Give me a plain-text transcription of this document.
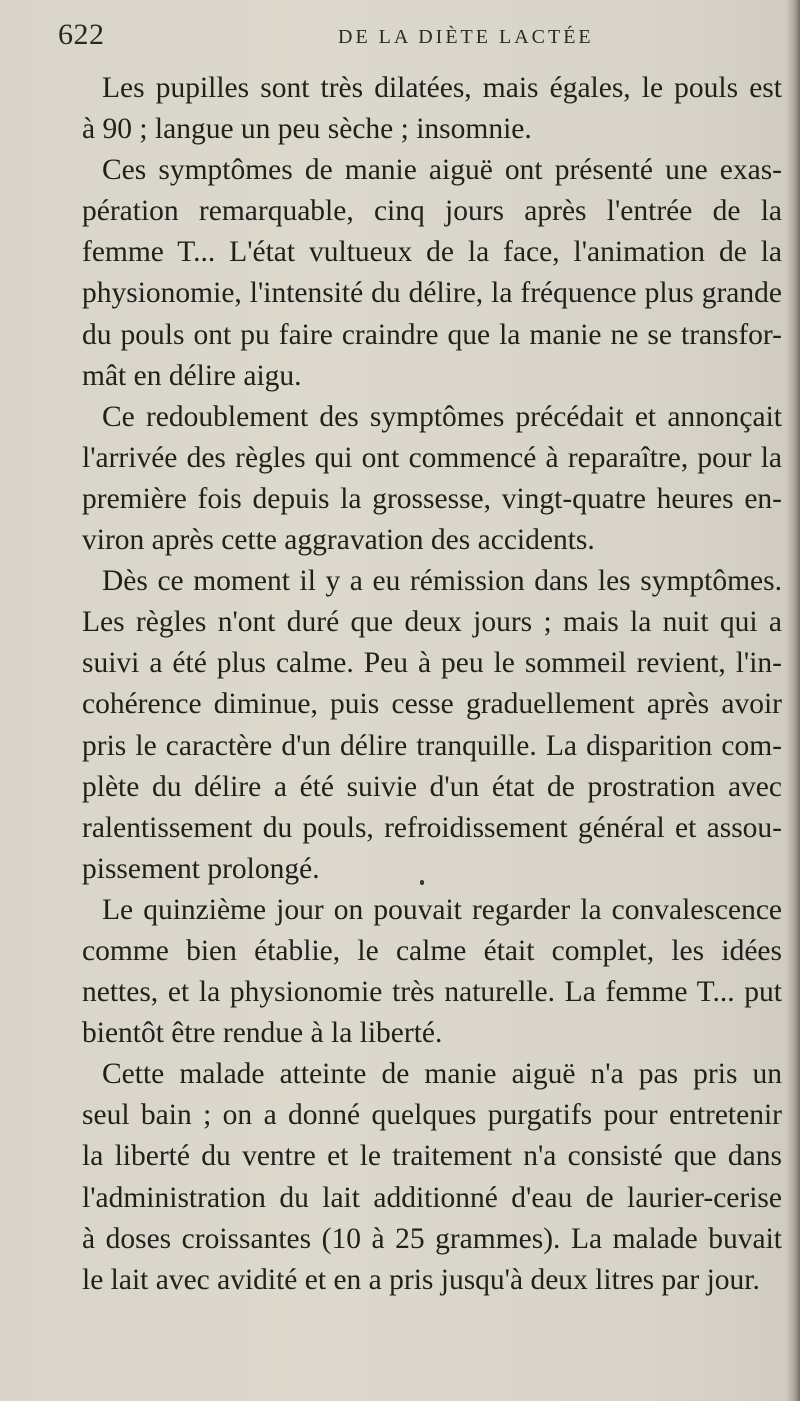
622	DE LA DIÈTE LACTÉE
Les pupilles sont très dilatées, mais égales, le pouls est
à 90 ; langue un peu sèche ; insomnie.
Ces symptômes de manie aiguë ont présenté une exas-
pération remarquable, cinq jours après l'entrée de la
femme T... L'état vultueux de la face, l'animation de la
physionomie, l'intensité du délire, la fréquence plus grande
du pouls ont pu faire craindre que la manie ne se transfor-
mât en délire aigu.
Ce redoublement des symptômes précédait et annonçait
l'arrivée des règles qui ont commencé à reparaître, pour la
première fois depuis la grossesse, vingt-quatre heures en-
viron après cette aggravation des accidents.
Dès ce moment il y a eu rémission dans les symptômes.
Les règles n'ont duré que deux jours ; mais la nuit qui a
suivi a été plus calme. Peu à peu le sommeil revient, l'in-
cohérence diminue, puis cesse graduellement après avoir
pris le caractère d'un délire tranquille. La disparition com-
plète du délire a été suivie d'un état de prostration avec
ralentissement du pouls, refroidissement général et assou-
pissement prolongé.
Le quinzième jour on pouvait regarder la convalescence
comme bien établie, le calme était complet, les idées
nettes, et la physionomie très naturelle. La femme T... put
bientôt être rendue à la liberté.
Cette malade atteinte de manie aiguë n'a pas pris un
seul bain ; on a donné quelques purgatifs pour entretenir
la liberté du ventre et le traitement n'a consisté que dans
l'administration du lait additionné d'eau de laurier-cerise
à doses croissantes (10 à 25 grammes). La malade buvait
le lait avec avidité et en a pris jusqu'à deux litres par jour.
